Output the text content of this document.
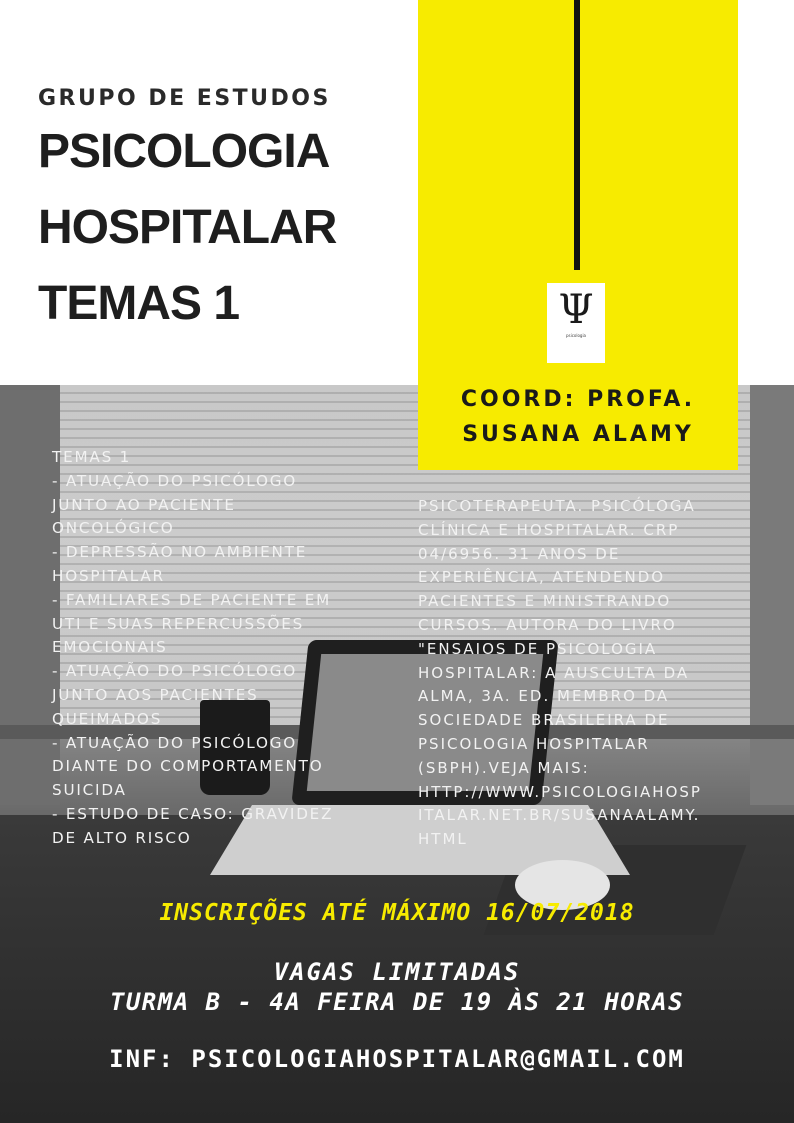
Ψ
psicologia
GRUPO DE ESTUDOS
PSICOLOGIA
HOSPITALAR
TEMAS 1
COORD: PROFA.
SUSANA ALAMY
TEMAS 1
- ATUAÇÃO DO PSICÓLOGO
JUNTO AO PACIENTE
ONCOLÓGICO
- DEPRESSÃO NO AMBIENTE
HOSPITALAR
- FAMILIARES DE PACIENTE EM
UTI E SUAS REPERCUSSÕES
EMOCIONAIS
- ATUAÇÃO DO PSICÓLOGO
JUNTO AOS PACIENTES
QUEIMADOS
- ATUAÇÃO DO PSICÓLOGO
DIANTE DO COMPORTAMENTO
SUICIDA
- ESTUDO DE CASO: GRAVIDEZ
DE ALTO RISCO
PSICOTERAPEUTA. PSICÓLOGA
CLÍNICA E HOSPITALAR. CRP
04/6956. 31 ANOS DE
EXPERIÊNCIA, ATENDENDO
PACIENTES E MINISTRANDO
CURSOS. AUTORA DO LIVRO
"ENSAIOS DE PSICOLOGIA
HOSPITALAR: A AUSCULTA DA
ALMA, 3A. ED. MEMBRO DA
SOCIEDADE BRASILEIRA DE
PSICOLOGIA HOSPITALAR
(SBPH).VEJA MAIS:
HTTP://WWW.PSICOLOGIAHOSP
ITALAR.NET.BR/SUSANAALAMY.
HTML
INSCRIÇÕES ATÉ MÁXIMO 16/07/2018
VAGAS LIMITADAS
TURMA B - 4A FEIRA DE 19 ÀS 21 HORAS
INF: PSICOLOGIAHOSPITALAR@GMAIL.COM
